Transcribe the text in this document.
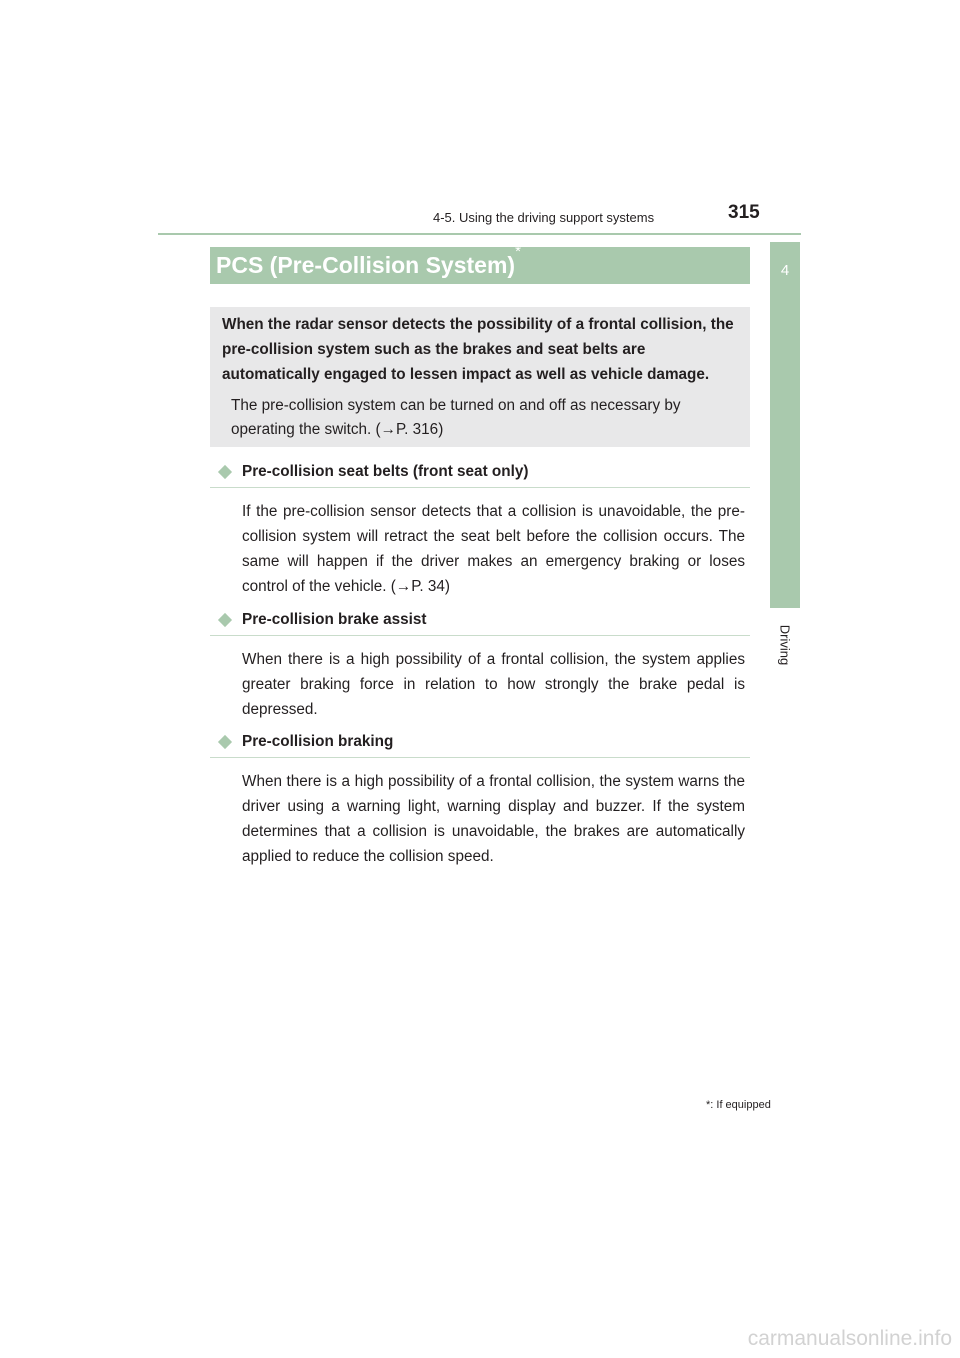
4-5. Using the driving support systems	315
4
Driving
PCS (Pre-Collision System)*

When the radar sensor detects the possibility of a frontal collision, the pre-collision system such as the brakes and seat belts are automatically engaged to lessen impact as well as vehicle damage.

The pre-collision system can be turned on and off as necessary by operating the switch. (→P. 316)

Pre-collision seat belts (front seat only)

If the pre-collision sensor detects that a collision is unavoidable, the pre-collision system will retract the seat belt before the collision occurs. The same will happen if the driver makes an emergency braking or loses control of the vehicle. (→P. 34)

Pre-collision brake assist

When there is a high possibility of a frontal collision, the system applies greater braking force in relation to how strongly the brake pedal is depressed.

Pre-collision braking

When there is a high possibility of a frontal collision, the system warns the driver using a warning light, warning display and buzzer. If the system determines that a collision is unavoidable, the brakes are automatically applied to reduce the collision speed.

*: If equipped
carmanualsonline.info
